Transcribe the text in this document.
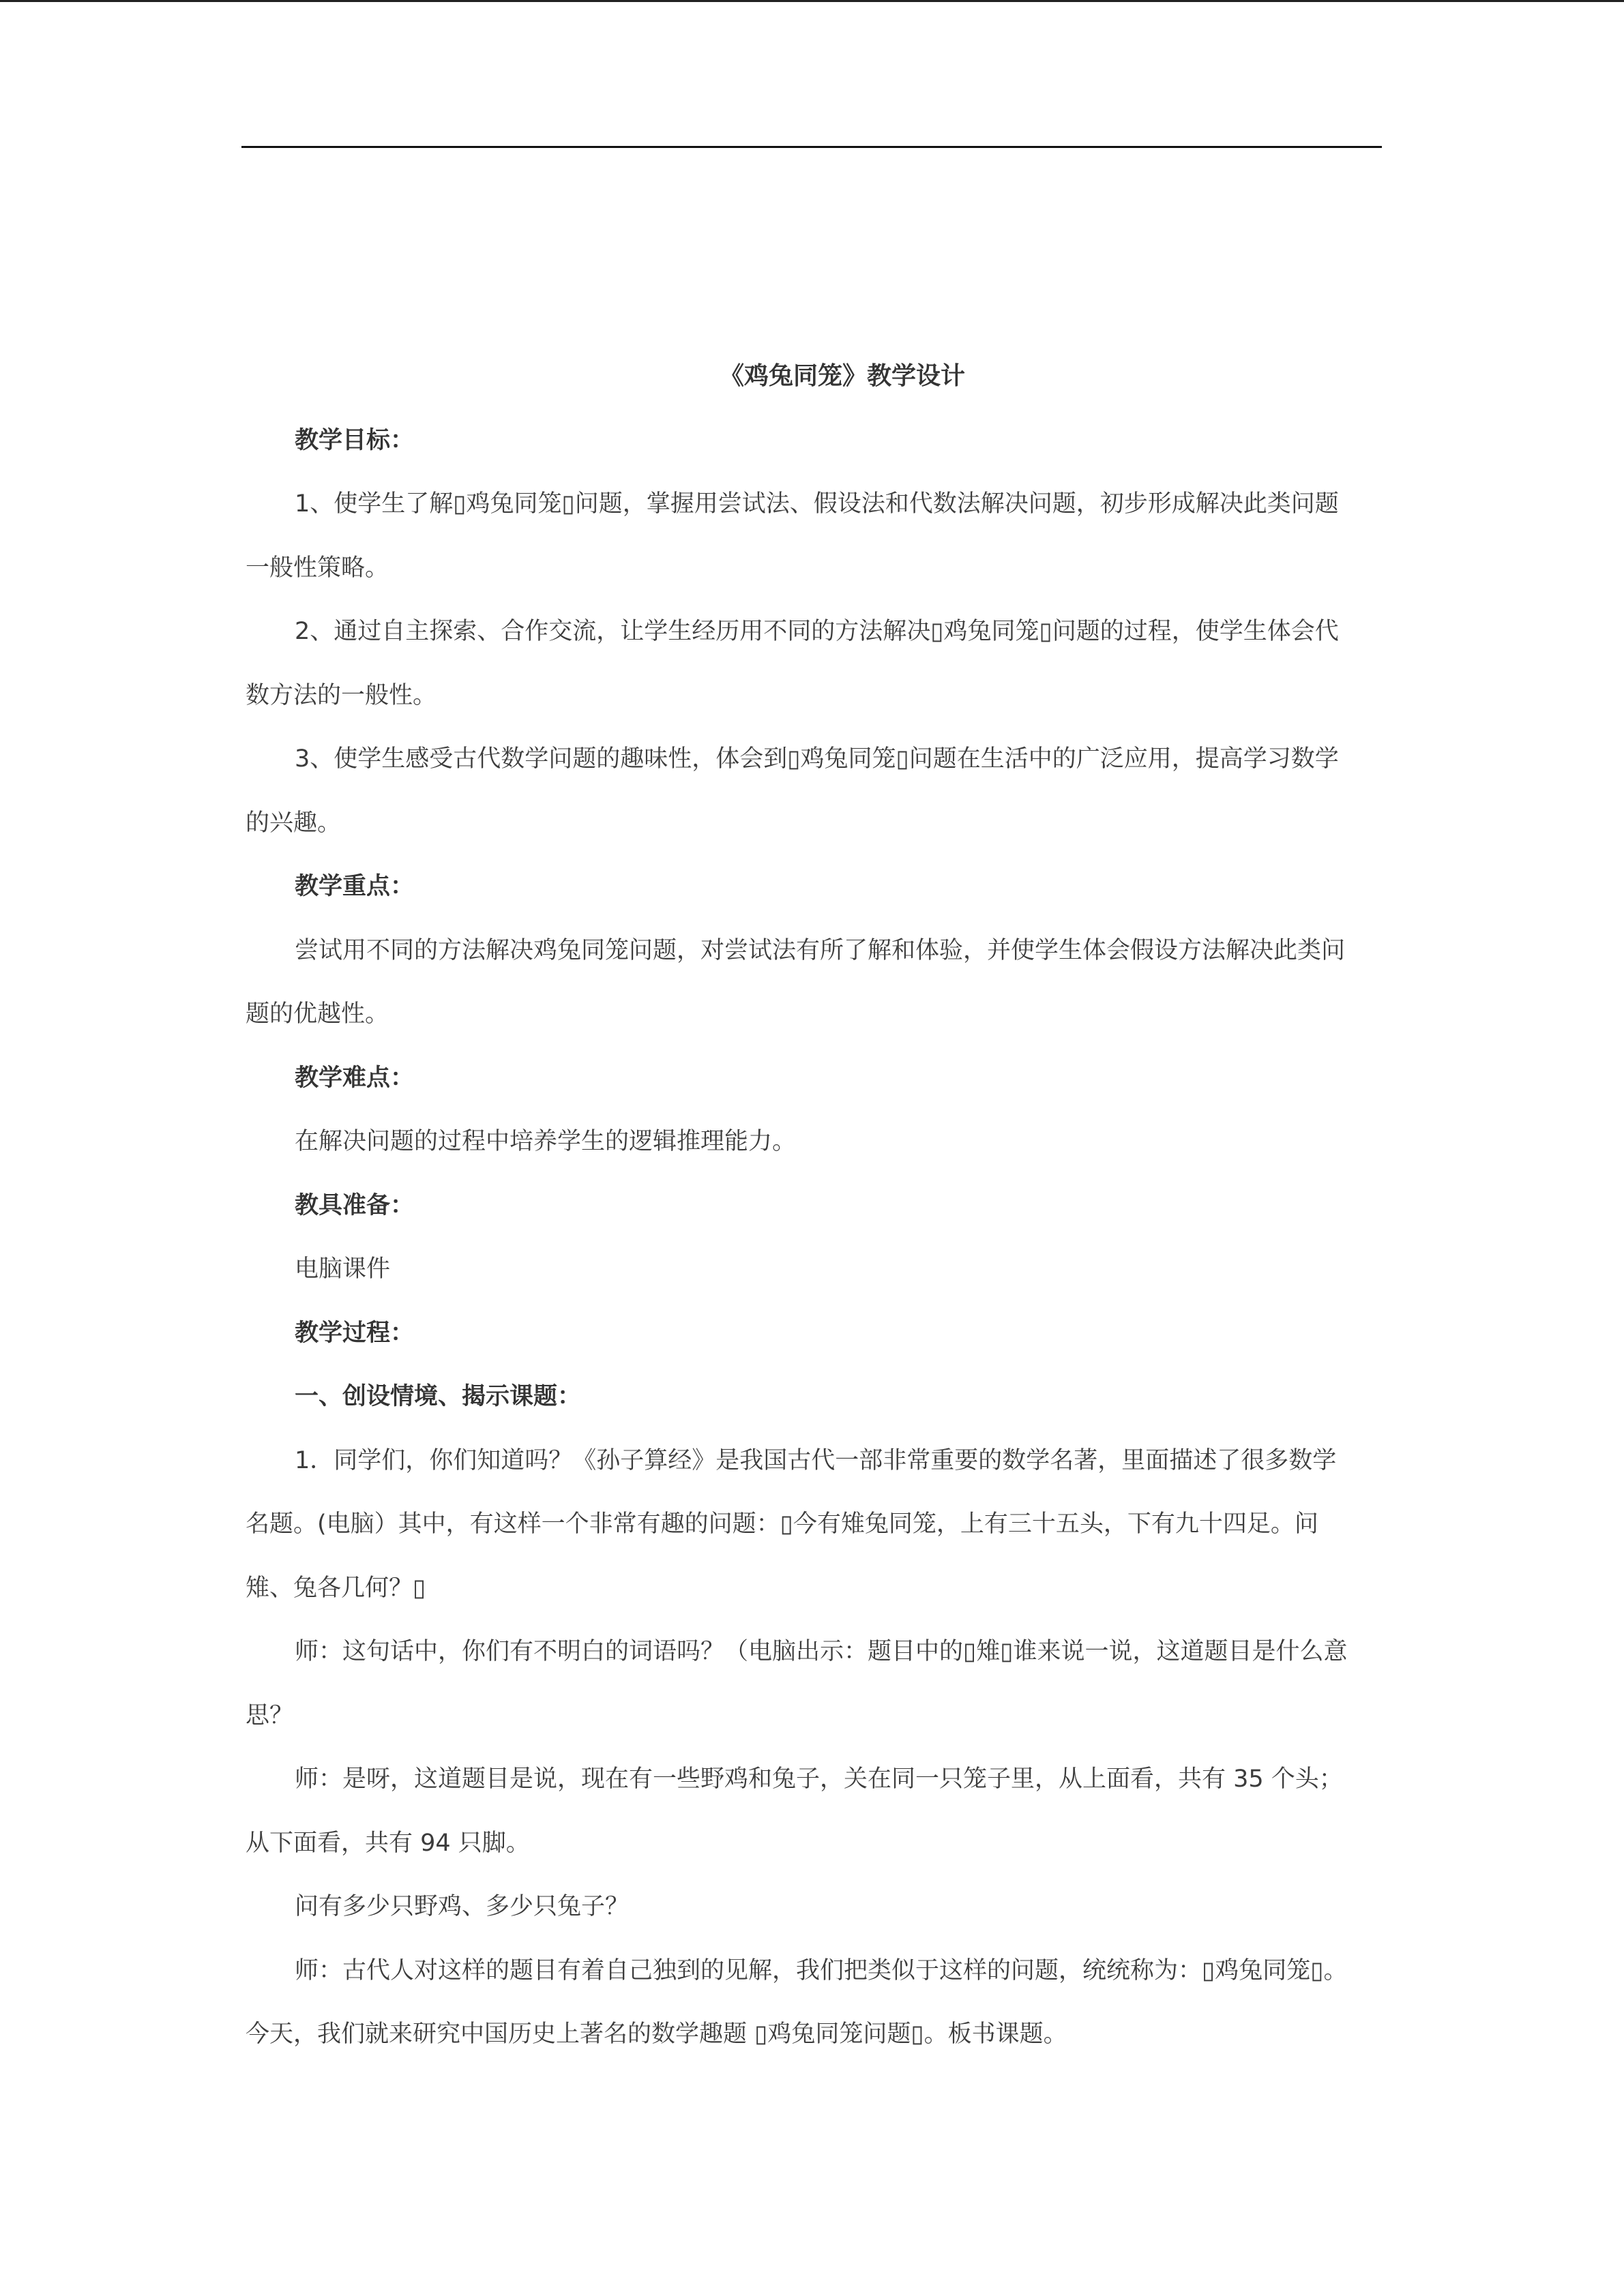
《鸡兔同笼》教学设计
教学目标：
1、使学生了解▯鸡兔同笼▯问题，掌握用尝试法、假设法和代数法解决问题，初步形成解决此类问题
一般性策略。
2、通过自主探索、合作交流，让学生经历用不同的方法解决▯鸡兔同笼▯问题的过程，使学生体会代
数方法的一般性。
3、使学生感受古代数学问题的趣味性，体会到▯鸡兔同笼▯问题在生活中的广泛应用，提高学习数学
的兴趣。
教学重点：
尝试用不同的方法解决鸡兔同笼问题，对尝试法有所了解和体验，并使学生体会假设方法解决此类问
题的优越性。
教学难点：
在解决问题的过程中培养学生的逻辑推理能力。
教具准备：
电脑课件
教学过程：
一、创设情境、揭示课题：
1．同学们，你们知道吗？《孙子算经》是我国古代一部非常重要的数学名著，里面描述了很多数学
名题。(电脑）其中，有这样一个非常有趣的问题：▯今有雉兔同笼，上有三十五头，下有九十四足。问
雉、兔各几何？▯
师：这句话中，你们有不明白的词语吗？（电脑出示：题目中的▯雉▯谁来说一说，这道题目是什么意
思？
师：是呀，这道题目是说，现在有一些野鸡和兔子，关在同一只笼子里，从上面看，共有 35 个头；
从下面看，共有 94 只脚。
问有多少只野鸡、多少只兔子？
师：古代人对这样的题目有着自己独到的见解，我们把类似于这样的问题，统统称为：▯鸡兔同笼▯。
今天，我们就来研究中国历史上著名的数学趣题 ▯鸡兔同笼问题▯。板书课题。
